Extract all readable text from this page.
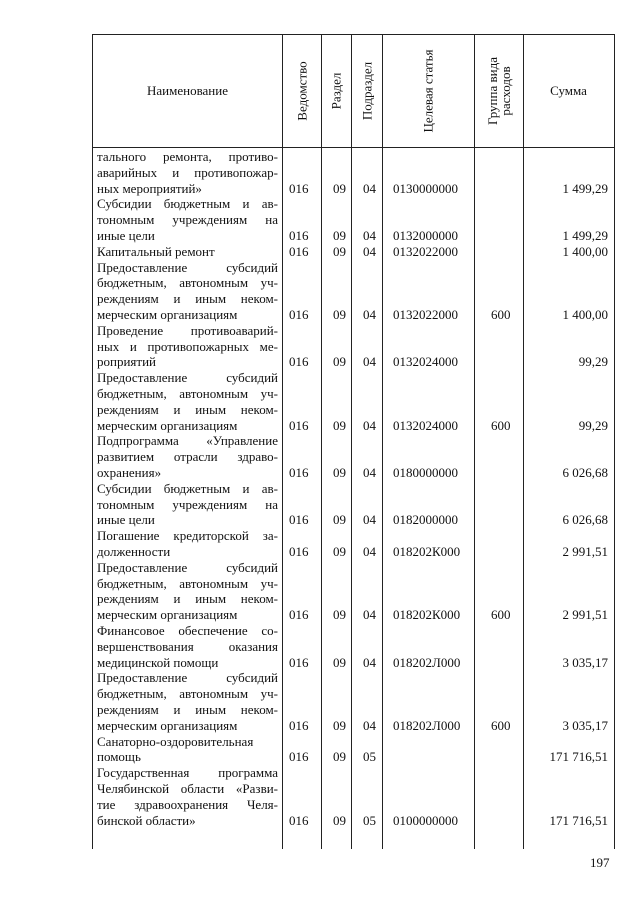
Наименование	Ведомство Раздел Подраздел	Целевая статья	Группа вида
расходов	Сумма
тального ремонта, противо-
аварийных и противопожар-
ных мероприятий»	016 09 04 0130000000	1 499,29
Субсидии бюджетным и ав-
тономным учреждениям на
иные цели	016 09 04 0132000000	1 499,29
Капитальный ремонт	016 09 04 0132022000	1 400,00
Предоставление субсидий
бюджетным, автономным уч-
реждениям и иным неком-
мерческим организациям	016 09 04 0132022000	600	1 400,00
Проведение противоаварий-
ных и противопожарных ме-
роприятий	016 09 04 0132024000	99,29
Предоставление субсидий
бюджетным, автономным уч-
реждениям и иным неком-
мерческим организациям	016 09 04 0132024000	600	99,29
Подпрограмма «Управление
развитием отрасли здраво-
охранения»	016 09 04 0180000000	6 026,68
Субсидии бюджетным и ав-
тономным учреждениям на
иные цели	016 09 04 0182000000	6 026,68
Погашение кредиторской за-
долженности	016 09 04 018202К000	2 991,51
Предоставление субсидий
бюджетным, автономным уч-
реждениям и иным неком-
мерческим организациям	016 09 04 018202К000 600	2 991,51
Финансовое обеспечение со-
вершенствования оказания
медицинской помощи	016 09 04 018202Л000	3 035,17
Предоставление субсидий
бюджетным, автономным уч-
реждениям и иным неком-
мерческим организациям	016 09 04 018202Л000 600	3 035,17
Санаторно-оздоровительная
помощь	016 09 05	171 716,51
Государственная программа
Челябинской области «Разви-
тие здравоохранения Челя-
бинской области»	016 09 05 0100000000	171 716,51
197
